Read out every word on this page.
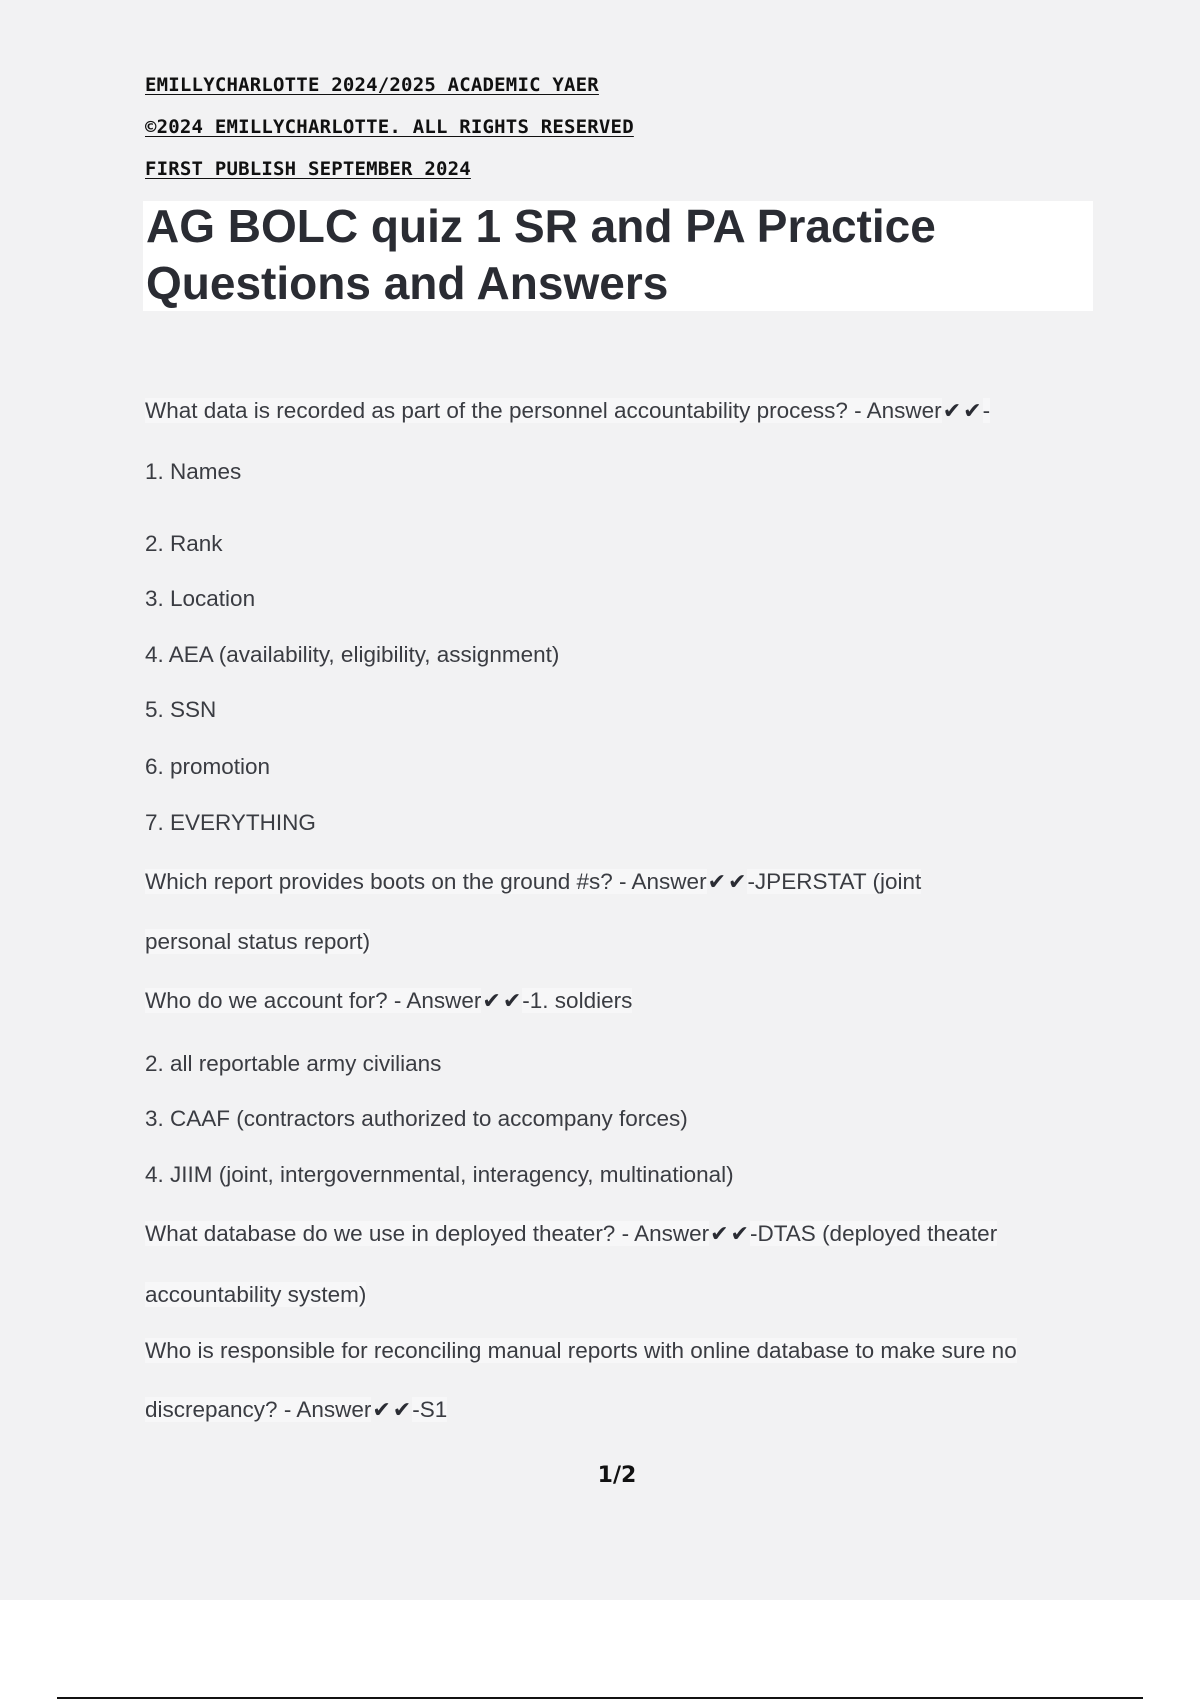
EMILLYCHARLOTTE 2024/2025 ACADEMIC YAER
©2024 EMILLYCHARLOTTE. ALL RIGHTS RESERVED
FIRST PUBLISH SEPTEMBER 2024
AG BOLC quiz 1 SR and PA Practice Questions and Answers
What data is recorded as part of the personnel accountability process? - Answer✔✔-
1. Names
2. Rank
3. Location
4. AEA (availability, eligibility, assignment)
5. SSN
6. promotion
7. EVERYTHING
Which report provides boots on the ground #s? - Answer✔✔-JPERSTAT (joint
personal status report)
Who do we account for? - Answer✔✔-1. soldiers
2. all reportable army civilians
3. CAAF (contractors authorized to accompany forces)
4. JIIM (joint, intergovernmental, interagency, multinational)
What database do we use in deployed theater? - Answer✔✔-DTAS (deployed theater
accountability system)
Who is responsible for reconciling manual reports with online database to make sure no
discrepancy? - Answer✔✔-S1
1/2
